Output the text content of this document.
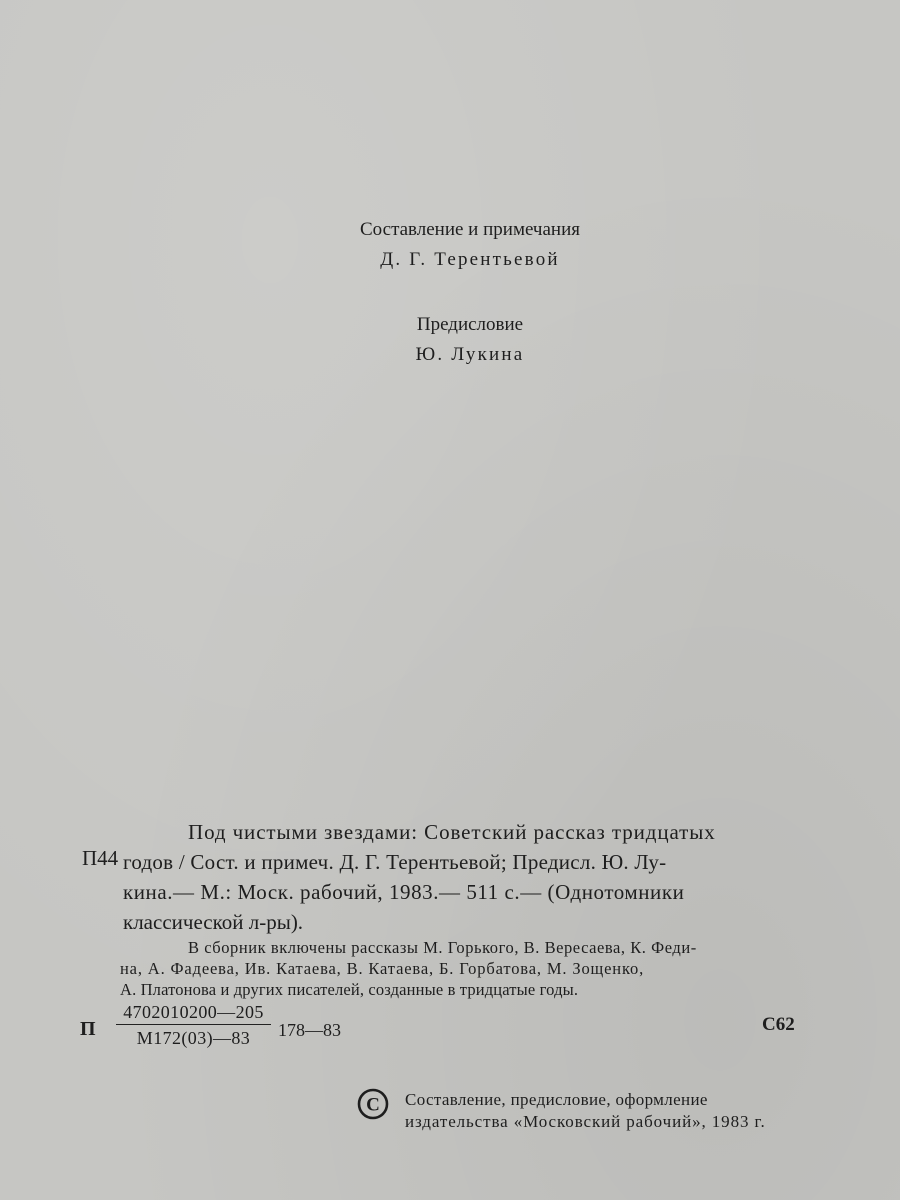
Составление и примечания
Д. Г. Терентьевой
Предисловие
Ю. Лукина
П44
Под чистыми звездами: Советский рассказ тридцатых
годов / Сост. и примеч. Д. Г. Терентьевой; Предисл. Ю. Лу-
кина.— М.: Моск. рабочий, 1983.— 511 с.— (Однотомники
классической л-ры).
В сборник включены рассказы М. Горького, В. Вересаева, К. Феди-
на, А. Фадеева, Ив. Катаева, В. Катаева, Б. Горбатова, М. Зощенко,
А. Платонова и других писателей, созданные в тридцатые годы.
П
4702010200—205
М172(03)—83	178—83	С62
C Составление, предисловие, оформление
издательства «Московский рабочий», 1983 г.
